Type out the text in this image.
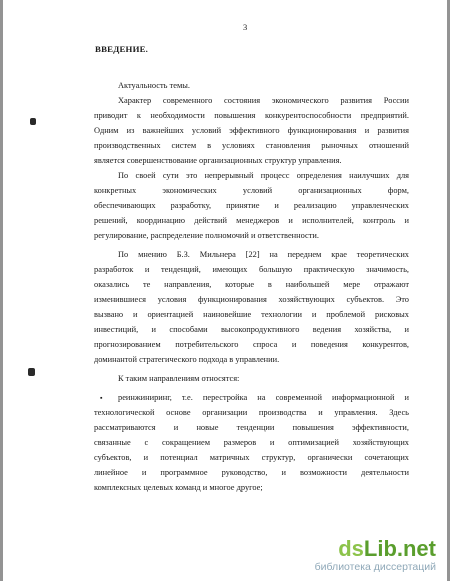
3
ВВЕДЕНИЕ.
Актуальность темы.
Характер современного состояния экономического развития России
приводит к необходимости повышения конкурентоспособности предприятий.
Одним из важнейших условий эффективного функционирования и развития
производственных систем в условиях становления рыночных отношений
является совершенствование организационных структур управления.
По своей сути это непрерывный процесс определения наилучших для
конкретных экономических условий организационных форм,
обеспечивающих разработку, принятие и реализацию управленческих
решений, координацию действий менеджеров и исполнителей, контроль и
регулирование, распределение полномочий и ответственности.
По мнению Б.З. Мильнера [22] на переднем крае теоретических
разработок и тенденций, имеющих большую практическую значимость,
оказались те направления, которые в наибольшей мере отражают
изменившиеся условия функционирования хозяйствующих субъектов. Это
вызвано и ориентацией наиновейшие технологии и проблемой рисковых
инвестиций, и способами высокопродуктивного ведения хозяйства, и
прогнозированием потребительского спроса и поведения конкурентов,
доминантой стратегического подхода в управлении.
К таким направлениям относятся:
▪ реинжиниринг, т.е. перестройка на современной информационной и
технологической основе организации производства и управления. Здесь
рассматриваются и новые тенденции повышения эффективности,
связанные с сокращением размеров и оптимизацией хозяйствующих
субъектов, и потенциал матричных структур, органически сочетающих
линейное и программное руководство, и возможности деятельности
комплексных целевых команд и многое другое;
dsLib.net
библиотека диссертаций
